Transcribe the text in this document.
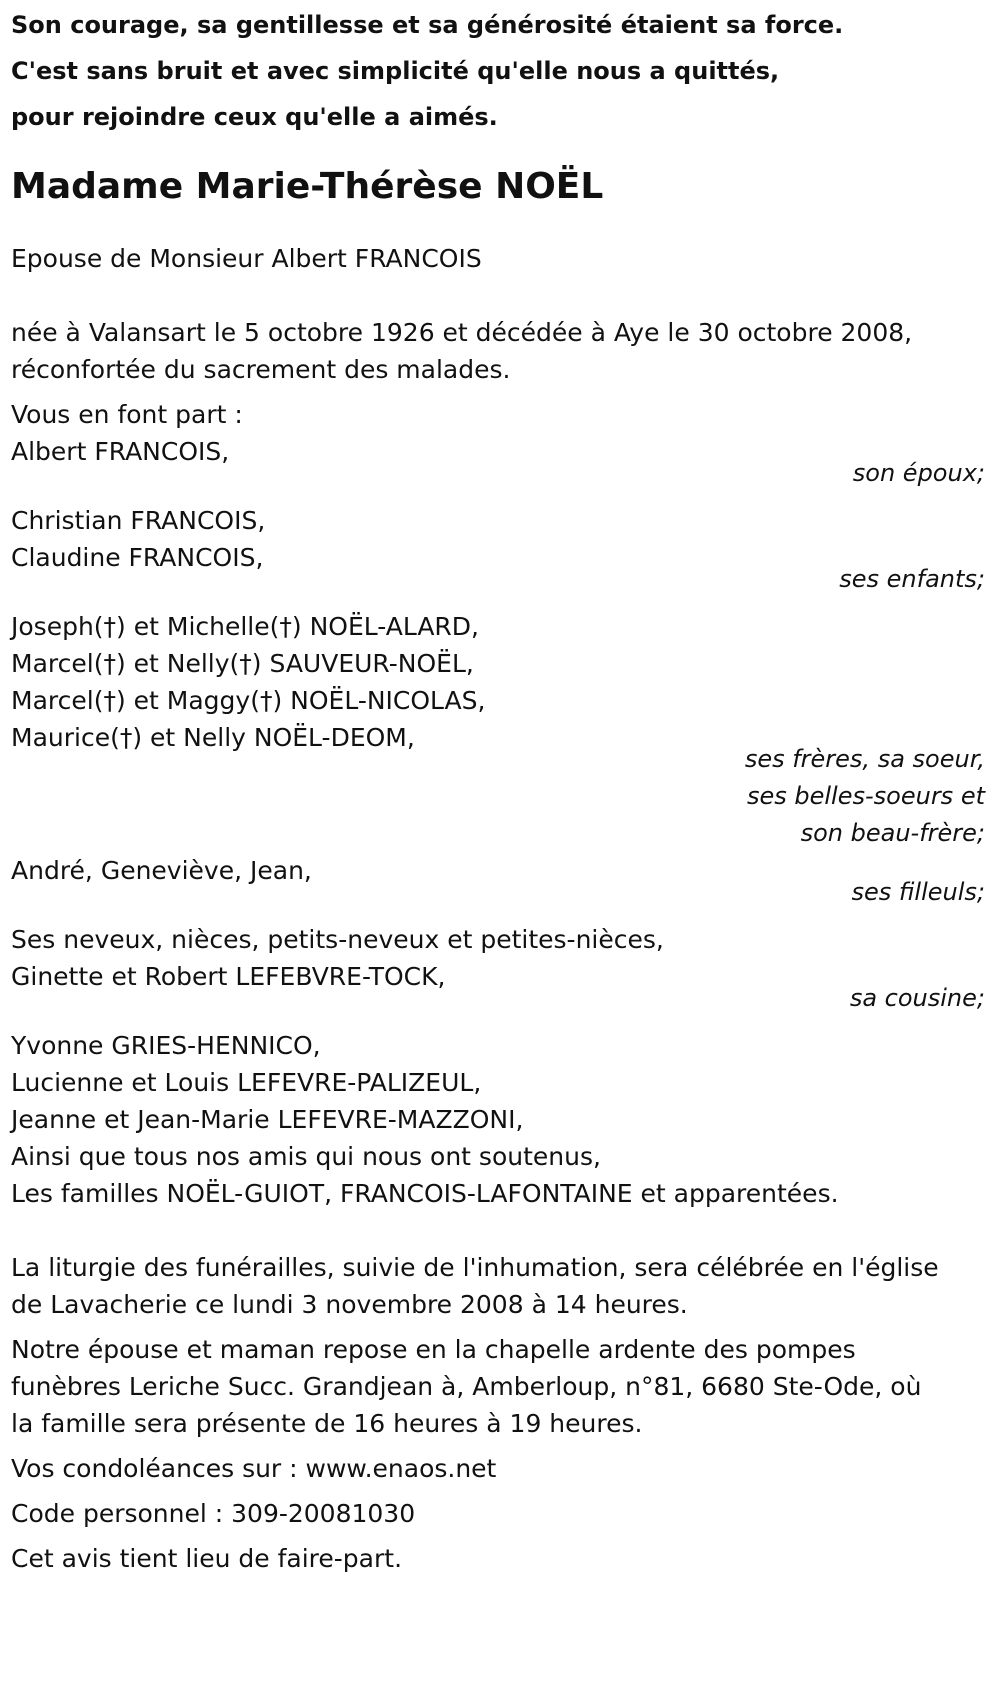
Son courage, sa gentillesse et sa générosité étaient sa force.
C'est sans bruit et avec simplicité qu'elle nous a quittés,
pour rejoindre ceux qu'elle a aimés.
Madame Marie-Thérèse NOËL
Epouse de Monsieur Albert FRANCOIS
née à Valansart le 5 octobre 1926 et décédée à Aye le 30 octobre 2008,
réconfortée du sacrement des malades.
Vous en font part :
Albert FRANCOIS,
son époux;
Christian FRANCOIS,
Claudine FRANCOIS,
ses enfants;
Joseph(†) et Michelle(†) NOËL-ALARD,
Marcel(†) et Nelly(†) SAUVEUR-NOËL,
Marcel(†) et Maggy(†) NOËL-NICOLAS,
Maurice(†) et Nelly NOËL-DEOM,
ses frères, sa soeur,
ses belles-soeurs et
son beau-frère;
André, Geneviève, Jean,
ses filleuls;
Ses neveux, nièces, petits-neveux et petites-nièces,
Ginette et Robert LEFEBVRE-TOCK,
sa cousine;
Yvonne GRIES-HENNICO,
Lucienne et Louis LEFEVRE-PALIZEUL,
Jeanne et Jean-Marie LEFEVRE-MAZZONI,
Ainsi que tous nos amis qui nous ont soutenus,
Les familles NOËL-GUIOT, FRANCOIS-LAFONTAINE et apparentées.
La liturgie des funérailles, suivie de l'inhumation, sera célébrée en l'église
de Lavacherie ce lundi 3 novembre 2008 à 14 heures.
Notre épouse et maman repose en la chapelle ardente des pompes
funèbres Leriche Succ. Grandjean à, Amberloup, n°81, 6680 Ste-Ode, où
la famille sera présente de 16 heures à 19 heures.
Vos condoléances sur : www.enaos.net
Code personnel : 309-20081030
Cet avis tient lieu de faire-part.
